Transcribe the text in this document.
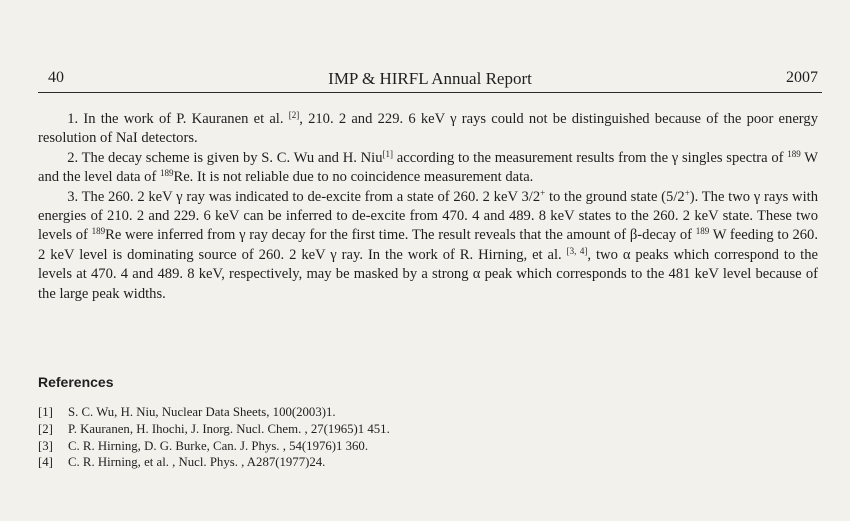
40	IMP & HIRFL Annual Report	2007

1. In the work of P. Kauranen et al. [2], 210. 2 and 229. 6 keV γ rays could not be distinguished because of the poor energy resolution of NaI detectors.

2. The decay scheme is given by S. C. Wu and H. Niu[1] according to the measurement results from the γ singles spectra of $^{189}$ W and the level data of $^{189}$Re. It is not reliable due to no coincidence measurement data.

3. The 260. 2 keV γ ray was indicated to de-excite from a state of 260. 2 keV 3/2+ to the ground state (5/2+). The two γ rays with energies of 210. 2 and 229. 6 keV can be inferred to de-excite from 470. 4 and 489. 8 keV states to the 260. 2 keV state. These two levels of $^{189}$Re were inferred from γ ray decay for the first time. The result reveals that the amount of β-decay of $^{189}$ W feeding to 260. 2 keV level is dominating source of 260. 2 keV γ ray. In the work of R. Hirning, et al. [3, 4], two α peaks which correspond to the levels at 470. 4 and 489. 8 keV, respectively, may be masked by a strong α peak which corresponds to the 481 keV level because of the large peak widths.

References
[1]	S. C. Wu, H. Niu, Nuclear Data Sheets, 100(2003)1.
[2]	P. Kauranen, H. Ihochi, J. Inorg. Nucl. Chem. , 27(1965)1 451.
[3]	C. R. Hirning, D. G. Burke, Can. J. Phys. , 54(1976)1 360.
[4]	C. R. Hirning, et al. , Nucl. Phys. , A287(1977)24.
